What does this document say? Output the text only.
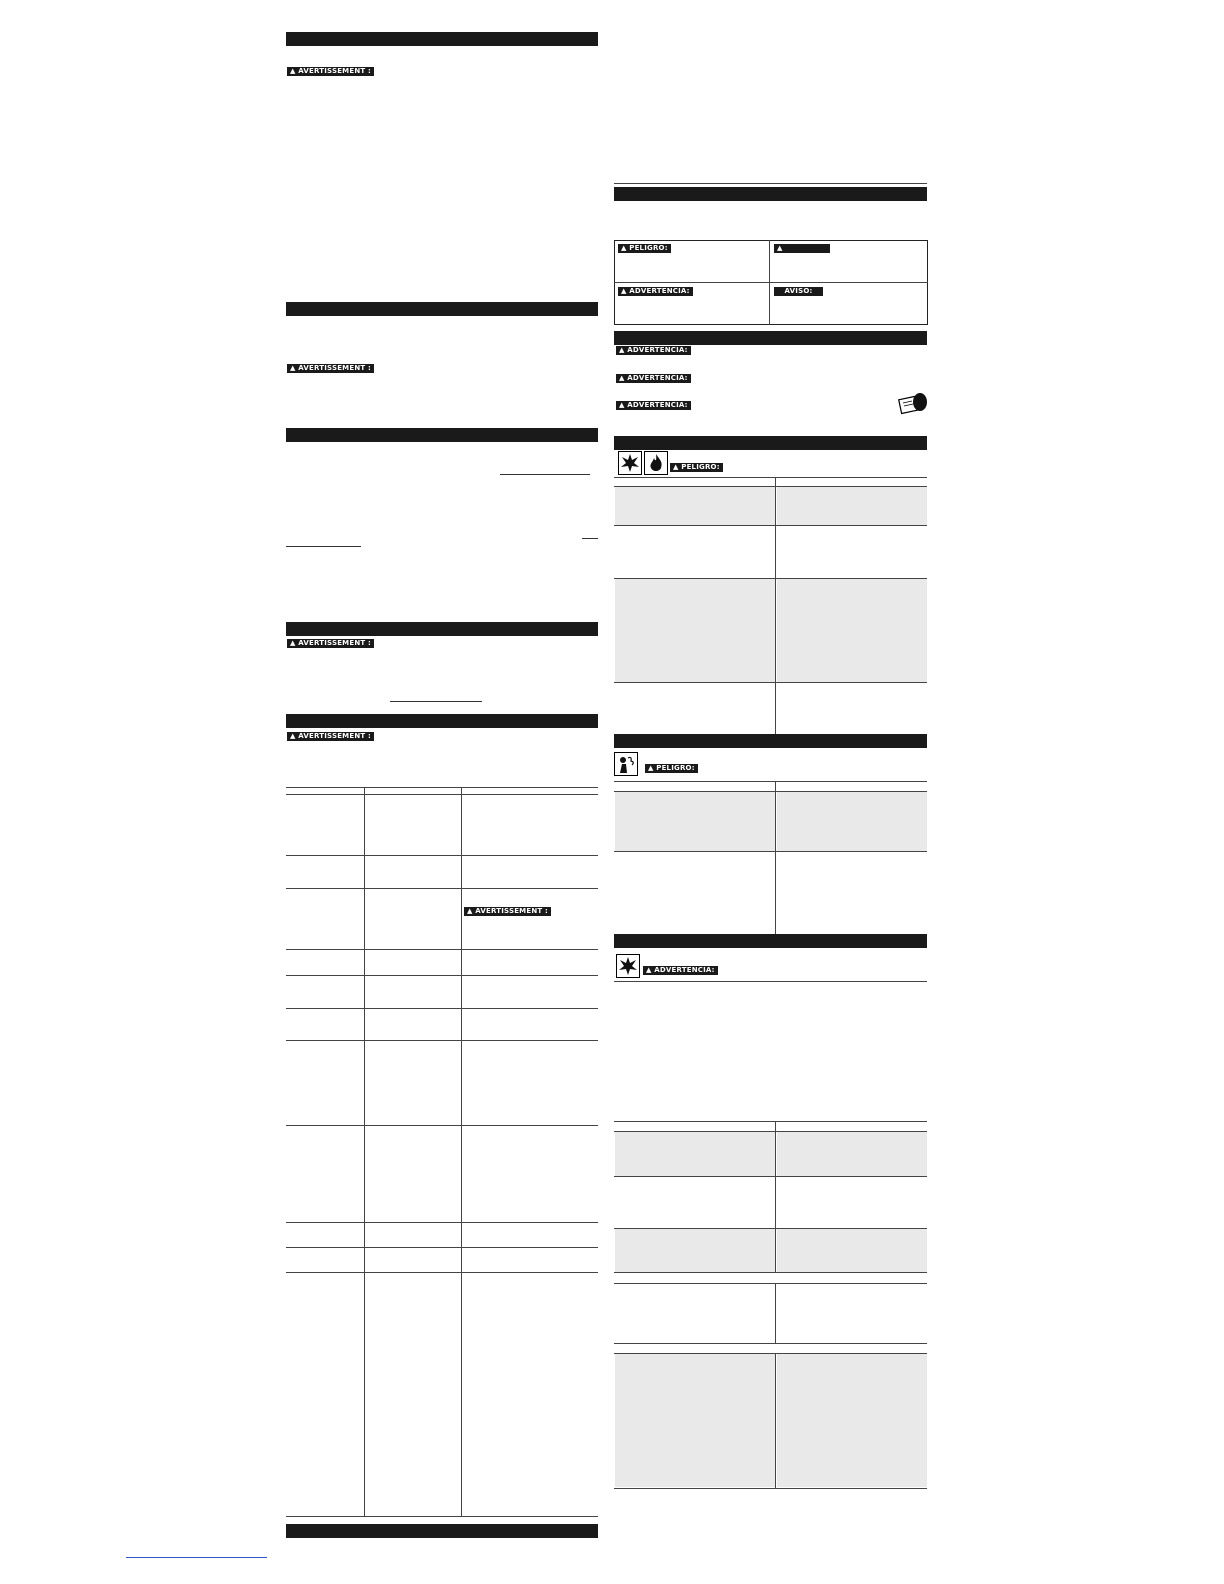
▲ AVERTISSEMENT :
▲ AVERTISSEMENT :
▲ AVERTISSEMENT :
▲ AVERTISSEMENT :
▲ AVERTISSEMENT :
▲ PELIGRO:	▲
▲ ADVERTENCIA:	AVISO:
▲ ADVERTENCIA:
▲ ADVERTENCIA:
▲ ADVERTENCIA:
▲ PELIGRO:
▲ PELIGRO:
▲ ADVERTENCIA:
